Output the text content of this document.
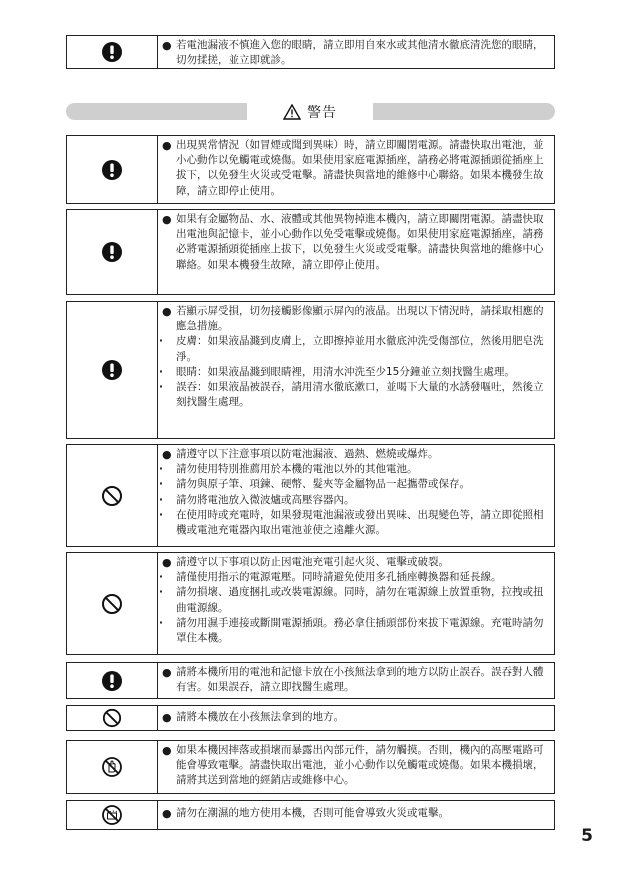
● 若電池漏液不慎進入您的眼睛，請立即用自來水或其他清水徹底清洗您的眼睛，切勿揉搓，並立即就診。

警告

● 出現異常情況（如冒煙或聞到異味）時，請立即關閉電源。請盡快取出電池，並小心動作以免觸電或燒傷。如果使用家庭電源插座，請務必將電源插頭從插座上拔下，以免發生火災或受電擊。請盡快與當地的維修中心聯絡。如果本機發生故障，請立即停止使用。

● 如果有金屬物品、水、液體或其他異物掉進本機內，請立即關閉電源。請盡快取出電池與記憶卡，並小心動作以免受電擊或燒傷。如果使用家庭電源插座，請務必將電源插頭從插座上拔下，以免發生火災或受電擊。請盡快與當地的維修中心聯絡。如果本機發生故障，請立即停止使用。

● 若顯示屏受損，切勿接觸影像顯示屏內的液晶。出現以下情況時，請採取相應的應急措施。

· 皮膚：如果液晶濺到皮膚上，立即擦掉並用水徹底沖洗受傷部位，然後用肥皂洗淨。

· 眼睛：如果液晶濺到眼睛裡，用清水沖洗至少15分鐘並立刻找醫生處理。

· 誤吞：如果液晶被誤吞，請用清水徹底漱口，並喝下大量的水誘發嘔吐，然後立刻找醫生處理。

● 請遵守以下注意事項以防電池漏液、過熱、燃燒或爆炸。

· 請勿使用特別推薦用於本機的電池以外的其他電池。

· 請勿與原子筆、項鍊、硬幣、髮夾等金屬物品一起攜帶或保存。

· 請勿將電池放入微波爐或高壓容器內。

· 在使用時或充電時，如果發現電池漏液或發出異味、出現變色等，請立即從照相機或電池充電器內取出電池並使之遠離火源。

● 請遵守以下事項以防止因電池充電引起火災、電擊或破裂。

· 請僅使用指示的電源電壓。同時請避免使用多孔插座轉換器和延長線。

· 請勿損壞、過度捆扎或改裝電源線。同時，請勿在電源線上放置重物，拉拽或扭曲電源線。

· 請勿用濕手連接或斷開電源插頭。務必拿住插頭部份來拔下電源線。充電時請勿罩住本機。

● 請將本機所用的電池和記憶卡放在小孩無法拿到的地方以防止誤吞。誤吞對人體有害。如果誤吞，請立即找醫生處理。

● 請將本機放在小孩無法拿到的地方。

● 如果本機因摔落或損壞而暴露出內部元件，請勿觸摸。否則，機內的高壓電路可能會導致電擊。請盡快取出電池，並小心動作以免觸電或燒傷。如果本機損壞，請將其送到當地的經銷店或維修中心。

● 請勿在潮濕的地方使用本機，否則可能會導致火災或電擊。

5
